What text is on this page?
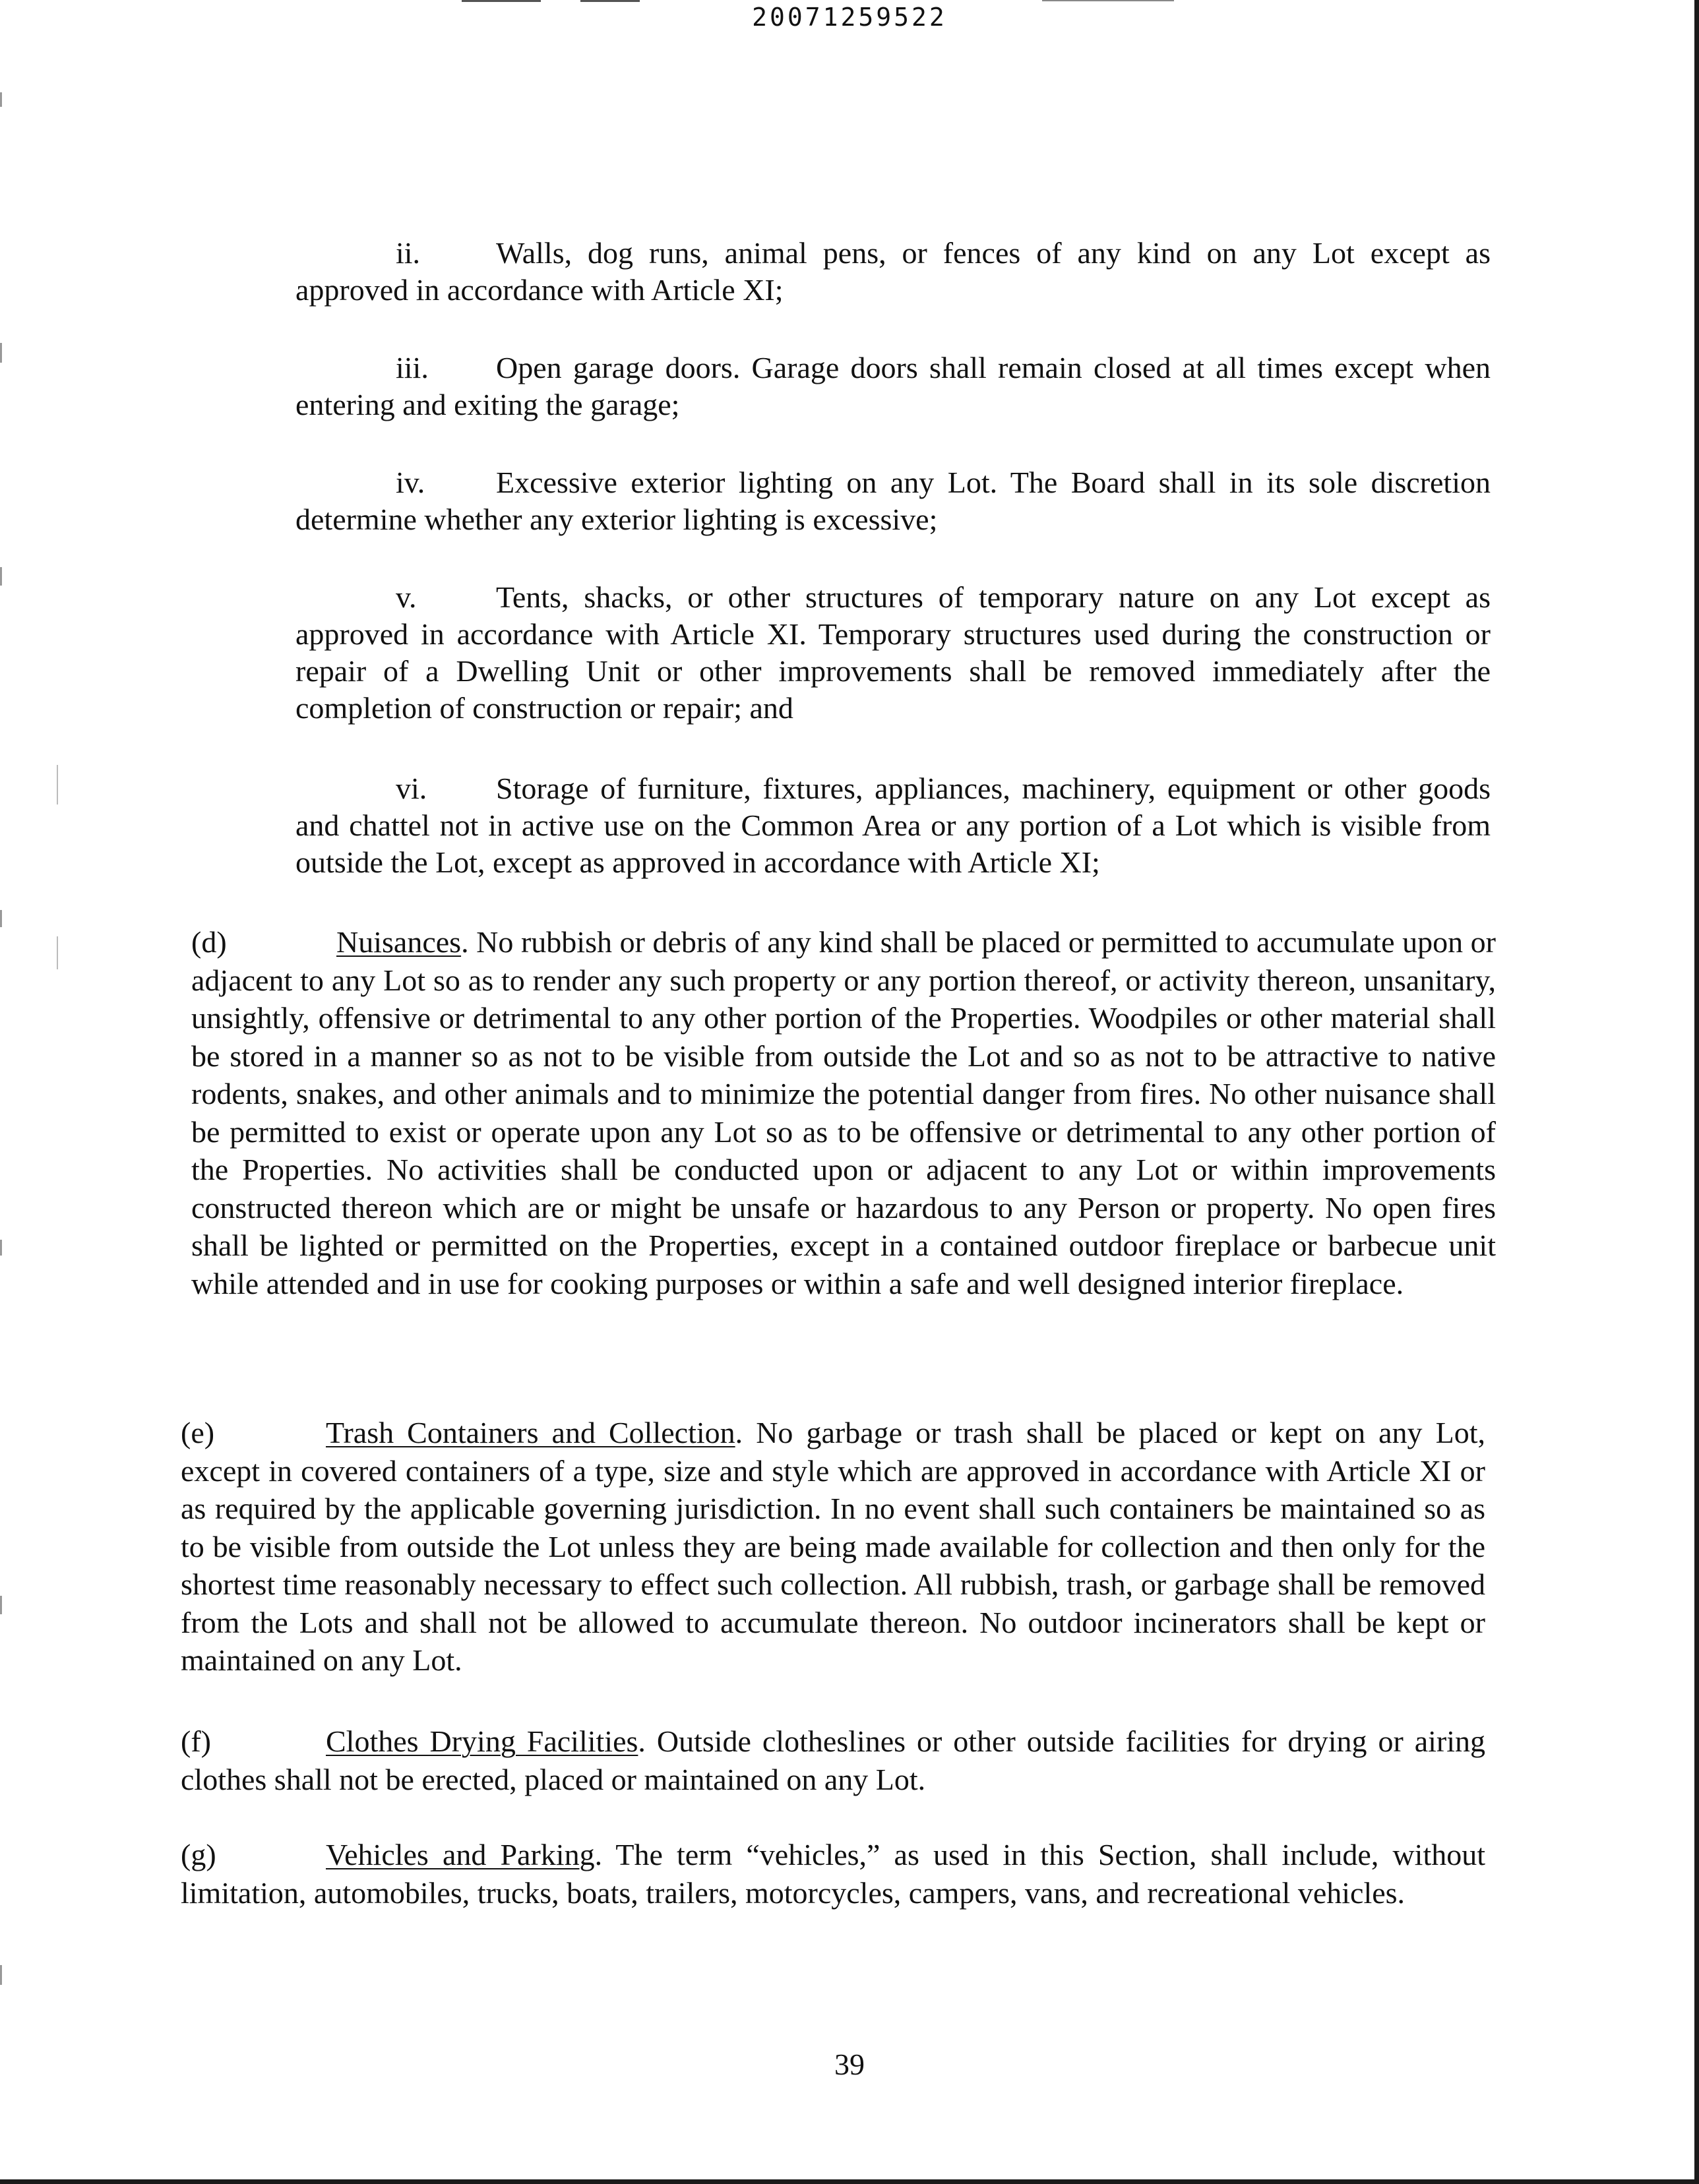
20071259522

ii. Walls, dog runs, animal pens, or fences of any kind on any Lot except as approved in accordance with Article XI;

iii. Open garage doors. Garage doors shall remain closed at all times except when entering and exiting the garage;

iv. Excessive exterior lighting on any Lot. The Board shall in its sole discretion determine whether any exterior lighting is excessive;

v.	Tents, shacks, or other structures of temporary nature on any Lot except as approved in accordance with Article XI. Temporary structures used during the construction or repair of a Dwelling Unit or other improvements shall be removed immediately after the completion of construction or repair; and

vi. Storage of furniture, fixtures, appliances, machinery, equipment or other goods and chattel not in active use on the Common Area or any portion of a Lot which is visible from outside the Lot, except as approved in accordance with Article XI;

(d)	Nuisances. No rubbish or debris of any kind shall be placed or permitted to accumulate upon or adjacent to any Lot so as to render any such property or any portion thereof, or activity thereon, unsanitary, unsightly, offensive or detrimental to any other portion of the Properties. Woodpiles or other material shall be stored in a manner so as not to be visible from outside the Lot and so as not to be attractive to native rodents, snakes, and other animals and to minimize the potential danger from fires. No other nuisance shall be permitted to exist or operate upon any Lot so as to be offensive or detrimental to any other portion of the Properties. No activities shall be conducted upon or adjacent to any Lot or within improvements constructed thereon which are or might be unsafe or hazardous to any Person or property. No open fires shall be lighted or permitted on the Properties, except in a contained outdoor fireplace or barbecue unit while attended and in use for cooking purposes or within a safe and well designed interior fireplace.

(e)	Trash Containers and Collection. No garbage or trash shall be placed or kept on any Lot, except in covered containers of a type, size and style which are approved in accordance with Article XI or as required by the applicable governing jurisdiction. In no event shall such containers be maintained so as to be visible from outside the Lot unless they are being made available for collection and then only for the shortest time reasonably necessary to effect such collection. All rubbish, trash, or garbage shall be removed from the Lots and shall not be allowed to accumulate thereon. No outdoor incinerators shall be kept or maintained on any Lot.

(f)	Clothes Drying Facilities. Outside clotheslines or other outside facilities for drying or airing clothes shall not be erected, placed or maintained on any Lot.

(g)	Vehicles and Parking. The term “vehicles,” as used in this Section, shall include, without limitation, automobiles, trucks, boats, trailers, motorcycles, campers, vans, and recreational vehicles.

39
